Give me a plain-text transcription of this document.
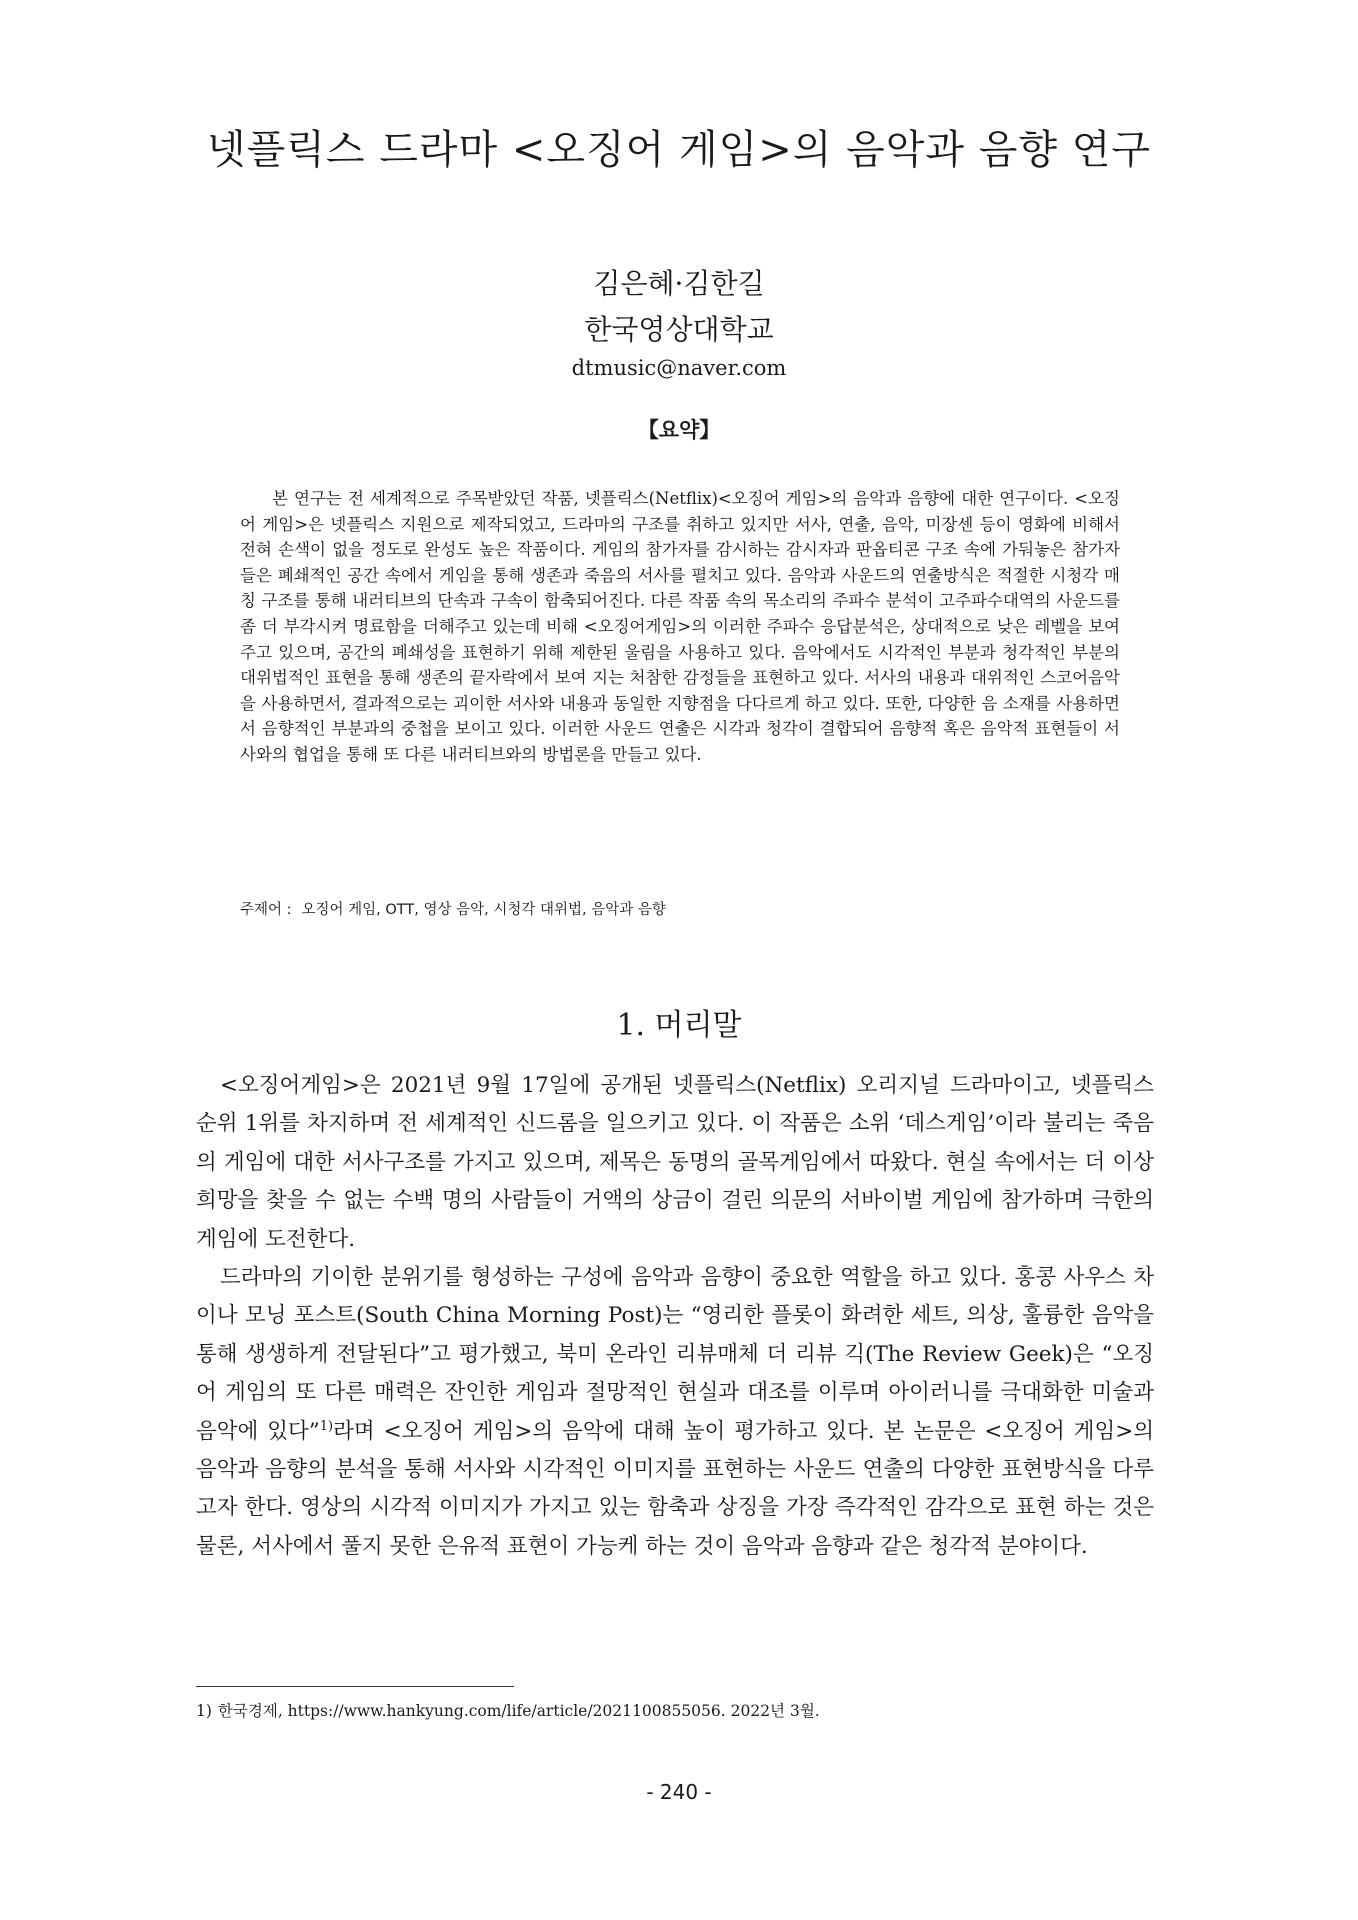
넷플릭스 드라마 <오징어 게임>의 음악과 음향 연구
김은혜·김한길
한국영상대학교
dtmusic@naver.com
【요약】

본 연구는 전 세계적으로 주목받았던 작품, 넷플릭스(Netflix)<오징어 게임>의 음악과 음향에 대한 연구이다. <오징어 게임>은 넷플릭스 지원으로 제작되었고, 드라마의 구조를 취하고 있지만 서사, 연출, 음악, 미장센 등이 영화에 비해서 전혀 손색이 없을 정도로 완성도 높은 작품이다. 게임의 참가자를 감시하는 감시자과 판옵티콘 구조 속에 가둬놓은 참가자들은 폐쇄적인 공간 속에서 게임을 통해 생존과 죽음의 서사를 펼치고 있다. 음악과 사운드의 연출방식은 적절한 시청각 매칭 구조를 통해 내러티브의 단속과 구속이 함축되어진다. 다른 작품 속의 목소리의 주파수 분석이 고주파수대역의 사운드를 좀 더 부각시켜 명료함을 더해주고 있는데 비해 <오징어게임>의 이러한 주파수 응답분석은, 상대적으로 낮은 레벨을 보여주고 있으며, 공간의 폐쇄성을 표현하기 위해 제한된 울림을 사용하고 있다. 음악에서도 시각적인 부분과 청각적인 부분의 대위법적인 표현을 통해 생존의 끝자락에서 보여 지는 처참한 감정들을 표현하고 있다. 서사의 내용과 대위적인 스코어음악을 사용하면서, 결과적으로는 괴이한 서사와 내용과 동일한 지향점을 다다르게 하고 있다. 또한, 다양한 음 소재를 사용하면서 음향적인 부분과의 중첩을 보이고 있다. 이러한 사운드 연출은 시각과 청각이 결합되어 음향적 혹은 음악적 표현들이 서사와의 협업을 통해 또 다른 내러티브와의 방법론을 만들고 있다.

주제어 : 오징어 게임, OTT, 영상 음악, 시청각 대위법, 음악과 음향
1. 머리말

<오징어게임>은 2021년 9월 17일에 공개된 넷플릭스(Netflix) 오리지널 드라마이고, 넷플릭스 순위 1위를 차지하며 전 세계적인 신드롬을 일으키고 있다. 이 작품은 소위 ‘데스게임’이라 불리는 죽음의 게임에 대한 서사구조를 가지고 있으며, 제목은 동명의 골목게임에서 따왔다. 현실 속에서는 더 이상 희망을 찾을 수 없는 수백 명의 사람들이 거액의 상금이 걸린 의문의 서바이벌 게임에 참가하며 극한의 게임에 도전한다.

드라마의 기이한 분위기를 형성하는 구성에 음악과 음향이 중요한 역할을 하고 있다. 홍콩 사우스 차이나 모닝 포스트(South China Morning Post)는 “영리한 플롯이 화려한 세트, 의상, 훌륭한 음악을 통해 생생하게 전달된다”고 평가했고, 북미 온라인 리뷰매체 더 리뷰 긱(The Review Geek)은 “오징어 게임의 또 다른 매력은 잔인한 게임과 절망적인 현실과 대조를 이루며 아이러니를 극대화한 미술과 음악에 있다”$^{1)}$라며 <오징어 게임>의 음악에 대해 높이 평가하고 있다. 본 논문은 <오징어 게임>의 음악과 음향의 분석을 통해 서사와 시각적인 이미지를 표현하는 사운드 연출의 다양한 표현방식을 다루고자 한다. 영상의 시각적 이미지가 가지고 있는 함축과 상징을 가장 즉각적인 감각으로 표현 하는 것은 물론, 서사에서 풀지 못한 은유적 표현이 가능케 하는 것이 음악과 음향과 같은 청각적 분야이다.

1) 한국경제, https://www.hankyung.com/life/article/2021100855056. 2022년 3월.
- 240 -
